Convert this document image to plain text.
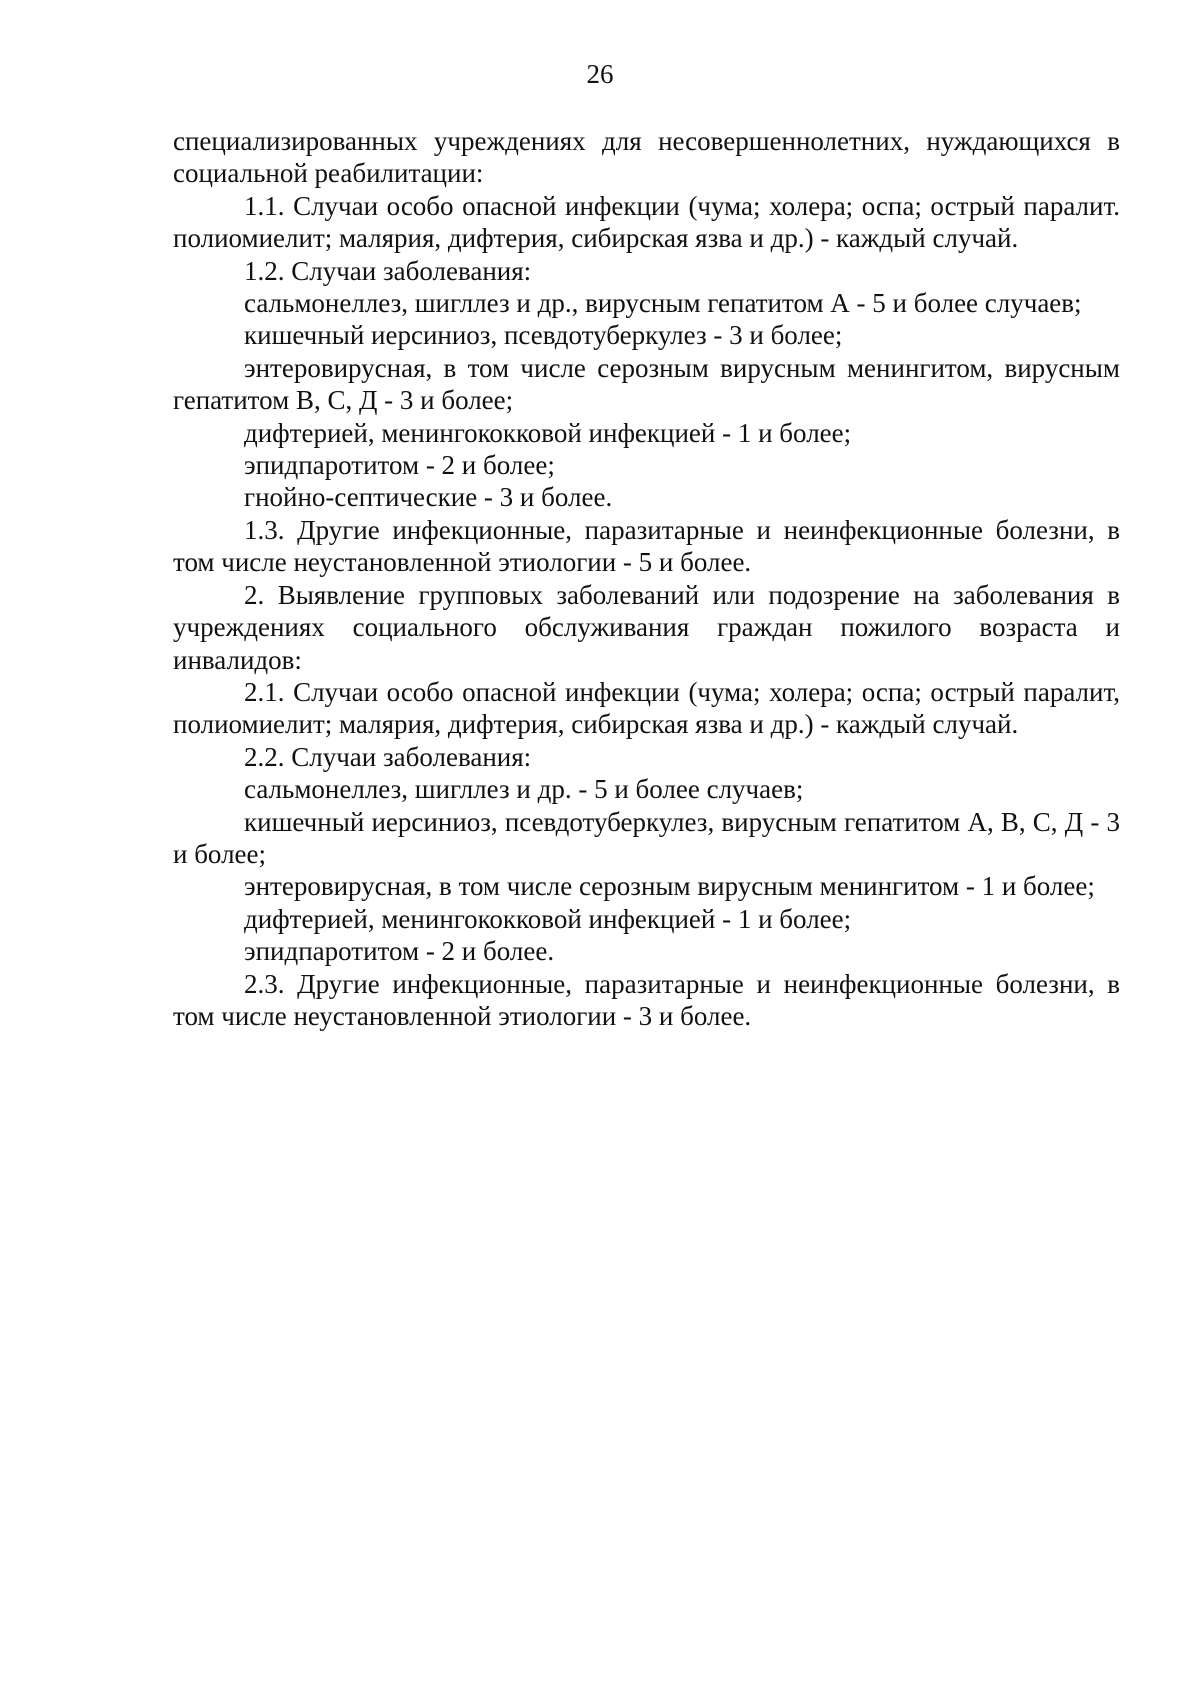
26

специализированных учреждениях для несовершеннолетних, нуждающихся в социальной реабилитации:

1.1. Случаи особо опасной инфекции (чума; холера; оспа; острый паралит. полиомиелит; малярия, дифтерия, сибирская язва и др.) - каждый случай.

1.2. Случаи заболевания:

сальмонеллез, шигллез и др., вирусным гепатитом А - 5 и более случаев;

кишечный иерсиниоз, псевдотуберкулез - 3 и более;

энтеровирусная, в том числе серозным вирусным менингитом, вирусным гепатитом В, С, Д - 3 и более;

дифтерией, менингококковой инфекцией - 1 и более;

эпидпаротитом - 2 и более;

гнойно-септические - 3 и более.

1.3. Другие инфекционные, паразитарные и неинфекционные болезни, в том числе неустановленной этиологии - 5 и более.

2. Выявление групповых заболеваний или подозрение на заболевания в учреждениях социального обслуживания граждан пожилого возраста и инвалидов:

2.1. Случаи особо опасной инфекции (чума; холера; оспа; острый паралит, полиомиелит; малярия, дифтерия, сибирская язва и др.) - каждый случай.

2.2. Случаи заболевания:

сальмонеллез, шигллез и др. - 5 и более случаев;

кишечный иерсиниоз, псевдотуберкулез, вирусным гепатитом А, В, С, Д - 3 и более;

энтеровирусная, в том числе серозным вирусным менингитом - 1 и более;

дифтерией, менингококковой инфекцией - 1 и более;

эпидпаротитом - 2 и более.

2.3. Другие инфекционные, паразитарные и неинфекционные болезни, в том числе неустановленной этиологии - 3 и более.
